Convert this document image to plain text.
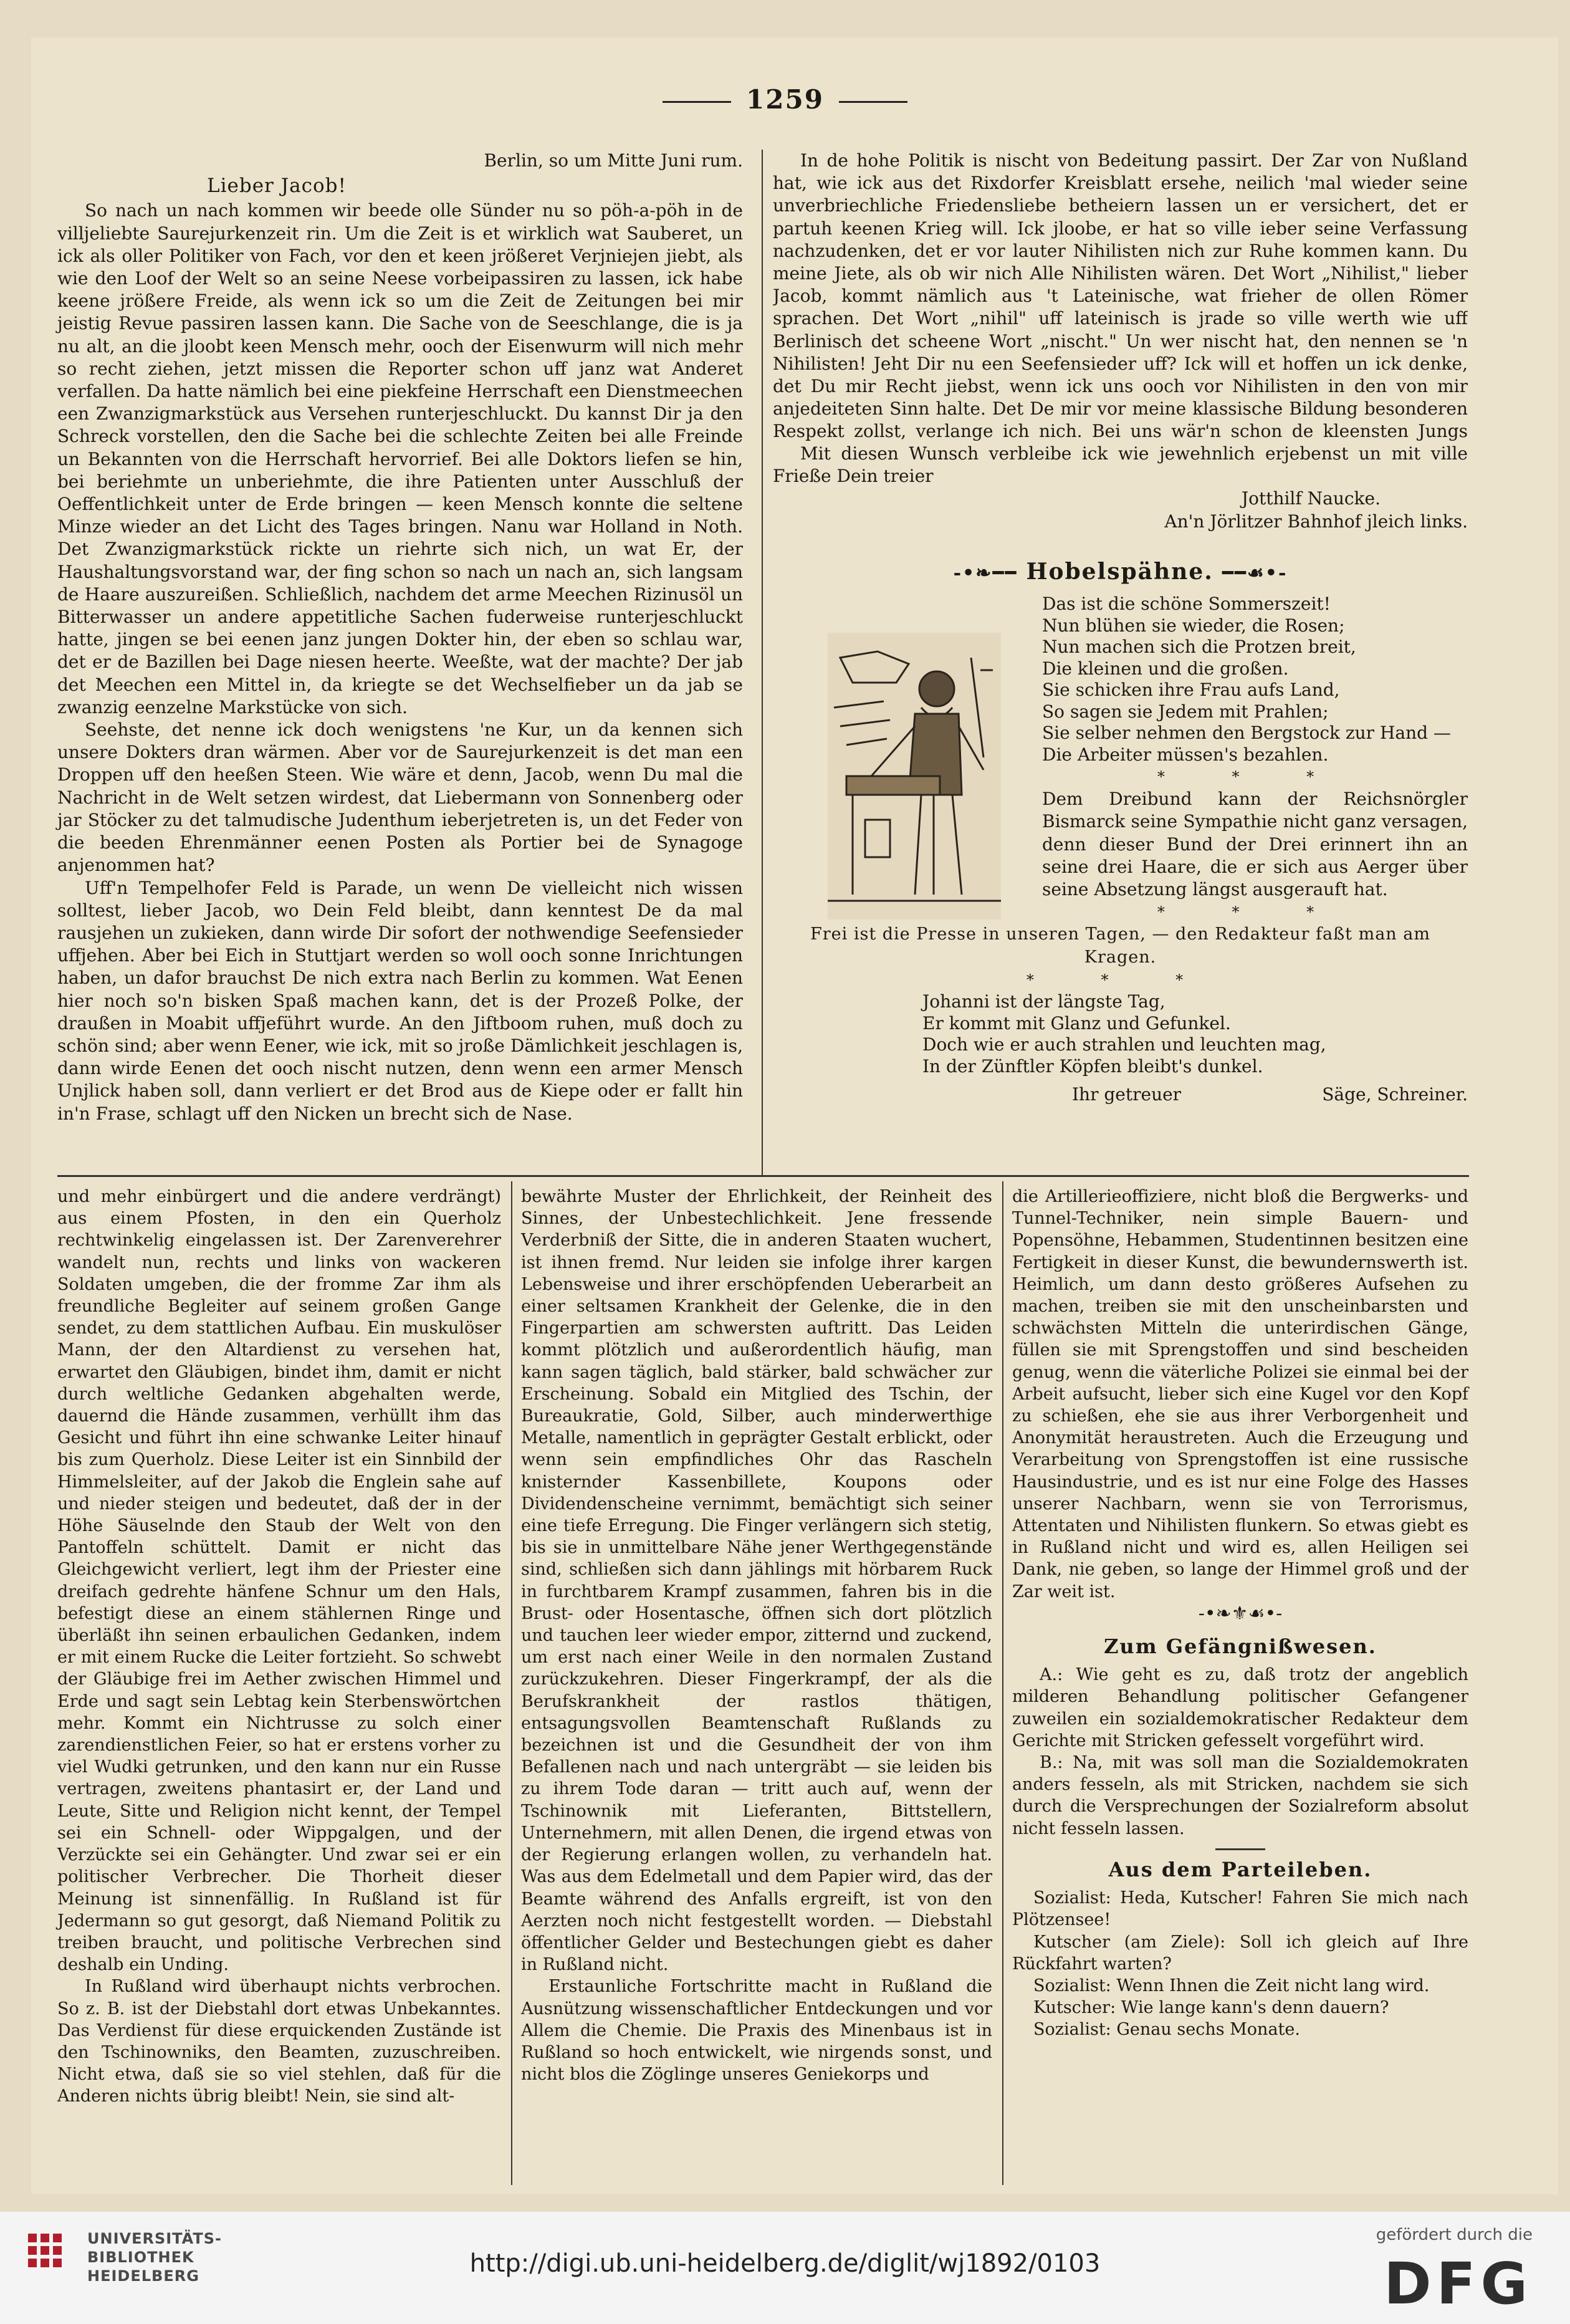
1259

Berlin, so um Mitte Juni rum.

Lieber Jacob!

So nach un nach kommen wir beede olle Sünder nu so pöh-a-pöh in de villjeliebte Saurejurkenzeit rin. Um die Zeit is et wirklich wat Sauberet, un ick als oller Politiker von Fach, vor den et keen jrößeret Verjniejen jiebt, als wie den Loof der Welt so an seine Neese vorbeipassiren zu lassen, ick habe keene jrößere Freide, als wenn ick so um die Zeit de Zeitungen bei mir jeistig Revue passiren lassen kann. Die Sache von de Seeschlange, die is ja nu alt, an die jloobt keen Mensch mehr, ooch der Eisenwurm will nich mehr so recht ziehen, jetzt missen die Reporter schon uff janz wat Anderet verfallen. Da hatte nämlich bei eine piekfeine Herrschaft een Dienstmeechen een Zwanzigmarkstück aus Versehen runterjeschluckt. Du kannst Dir ja den Schreck vorstellen, den die Sache bei die schlechte Zeiten bei alle Freinde un Bekannten von die Herrschaft hervorrief. Bei alle Doktors liefen se hin, bei beriehmte un unberiehmte, die ihre Patienten unter Ausschluß der Oeffentlichkeit unter de Erde bringen — keen Mensch konnte die seltene Minze wieder an det Licht des Tages bringen. Nanu war Holland in Noth. Det Zwanzigmarkstück rickte un riehrte sich nich, un wat Er, der Haushaltungsvorstand war, der fing schon so nach un nach an, sich langsam de Haare auszureißen. Schließlich, nachdem det arme Meechen Rizinusöl un Bitterwasser un andere appetitliche Sachen fuderweise runterjeschluckt hatte, jingen se bei eenen janz jungen Dokter hin, der eben so schlau war, det er de Bazillen bei Dage niesen heerte. Weeßte, wat der machte? Der jab det Meechen een Mittel in, da kriegte se det Wechselfieber un da jab se zwanzig eenzelne Markstücke von sich.

Seehste, det nenne ick doch wenigstens 'ne Kur, un da kennen sich unsere Dokters dran wärmen. Aber vor de Saurejurkenzeit is det man een Droppen uff den heeßen Steen. Wie wäre et denn, Jacob, wenn Du mal die Nachricht in de Welt setzen wirdest, dat Liebermann von Sonnenberg oder jar Stöcker zu det talmudische Judenthum ieberjetreten is, un det Feder von die beeden Ehrenmänner eenen Posten als Portier bei de Synagoge anjenommen hat?

Uff'n Tempelhofer Feld is Parade, un wenn De vielleicht nich wissen solltest, lieber Jacob, wo Dein Feld bleibt, dann kenntest De da mal rausjehen un zukieken, dann wirde Dir sofort der nothwendige Seefensieder uffjehen. Aber bei Eich in Stuttjart werden so woll ooch sonne Inrichtungen haben, un dafor brauchst De nich extra nach Berlin zu kommen. Wat Eenen hier noch so'n bisken Spaß machen kann, det is der Prozeß Polke, der draußen in Moabit uffjeführt wurde. An den Jiftboom ruhen, muß doch zu schön sind; aber wenn Eener, wie ick, mit so jroße Dämlichkeit jeschlagen is, dann wirde Eenen det ooch nischt nutzen, denn wenn een armer Mensch Unjlick haben soll, dann verliert er det Brod aus de Kiepe oder er fallt hin in'n Frase, schlagt uff den Nicken un brecht sich de Nase.

In de hohe Politik is nischt von Bedeitung passirt. Der Zar von Nußland hat, wie ick aus det Rixdorfer Kreisblatt ersehe, neilich 'mal wieder seine unverbriechliche Friedensliebe betheiern lassen un er versichert, det er partuh keenen Krieg will. Ick jloobe, er hat so ville ieber seine Verfassung nachzudenken, det er vor lauter Nihilisten nich zur Ruhe kommen kann. Du meine Jiete, als ob wir nich Alle Nihilisten wären. Det Wort „Nihilist," lieber Jacob, kommt nämlich aus 't Lateinische, wat frieher de ollen Römer sprachen. Det Wort „nihil" uff lateinisch is jrade so ville werth wie uff Berlinisch det scheene Wort „nischt." Un wer nischt hat, den nennen se 'n Nihilisten! Jeht Dir nu een Seefensieder uff? Ick will et hoffen un ick denke, det Du mir Recht jiebst, wenn ick uns ooch vor Nihilisten in den von mir anjedeiteten Sinn halte. Det De mir vor meine klassische Bildung besonderen Respekt zollst, verlange ich nich. Bei uns wär'n schon de kleensten Jungs

Mit diesen Wunsch verbleibe ick wie jewehnlich erjebenst un mit ville Frieße Dein treier

Jotthilf Naucke.

An'n Jörlitzer Bahnhof jleich links.

-•❧━━ Hobelspähne. ━━☙•-
Das ist die schöne Sommerszeit!
Nun blühen sie wieder, die Rosen;
Nun machen sich die Protzen breit,
Die kleinen und die großen.
Sie schicken ihre Frau aufs Land,
So sagen sie Jedem mit Prahlen;
Sie selber nehmen den Bergstock zur Hand —
Die Arbeiter müssen's bezahlen.
* * *

Dem Dreibund kann der Reichsnörgler Bismarck seine Sympathie nicht ganz versagen, denn dieser Bund der Drei erinnert ihn an seine drei Haare, die er sich aus Aerger über seine Absetzung längst ausgerauft hat.

* * *

Frei ist die Presse in unseren Tagen, — den Redakteur faßt man am Kragen.

* * *
Johanni ist der längste Tag,
Er kommt mit Glanz und Gefunkel.
Doch wie er auch strahlen und leuchten mag,
In der Zünftler Köpfen bleibt's dunkel.
Ihr getreuer	Säge, Schreiner.

und mehr einbürgert und die andere verdrängt) aus einem Pfosten, in den ein Querholz rechtwinkelig eingelassen ist. Der Zarenverehrer wandelt nun, rechts und links von wackeren Soldaten umgeben, die der fromme Zar ihm als freundliche Begleiter auf seinem großen Gange sendet, zu dem stattlichen Aufbau. Ein muskulöser Mann, der den Altardienst zu versehen hat, erwartet den Gläubigen, bindet ihm, damit er nicht durch weltliche Gedanken abgehalten werde, dauernd die Hände zusammen, verhüllt ihm das Gesicht und führt ihn eine schwanke Leiter hinauf bis zum Querholz. Diese Leiter ist ein Sinnbild der Himmelsleiter, auf der Jakob die Englein sahe auf und nieder steigen und bedeutet, daß der in der Höhe Säuselnde den Staub der Welt von den Pantoffeln schüttelt. Damit er nicht das Gleichgewicht verliert, legt ihm der Priester eine dreifach gedrehte hänfene Schnur um den Hals, befestigt diese an einem stählernen Ringe und überläßt ihn seinen erbaulichen Gedanken, indem er mit einem Rucke die Leiter fortzieht. So schwebt der Gläubige frei im Aether zwischen Himmel und Erde und sagt sein Lebtag kein Sterbenswörtchen mehr. Kommt ein Nichtrusse zu solch einer zarendienstlichen Feier, so hat er erstens vorher zu viel Wudki getrunken, und den kann nur ein Russe vertragen, zweitens phantasirt er, der Land und Leute, Sitte und Religion nicht kennt, der Tempel sei ein Schnell- oder Wippgalgen, und der Verzückte sei ein Gehängter. Und zwar sei er ein politischer Verbrecher. Die Thorheit dieser Meinung ist sinnenfällig. In Rußland ist für Jedermann so gut gesorgt, daß Niemand Politik zu treiben braucht, und politische Verbrechen sind deshalb ein Unding.

In Rußland wird überhaupt nichts verbrochen. So z. B. ist der Diebstahl dort etwas Unbekanntes. Das Verdienst für diese erquickenden Zustände ist den Tschinowniks, den Beamten, zuzuschreiben. Nicht etwa, daß sie so viel stehlen, daß für die Anderen nichts übrig bleibt! Nein, sie sind alt-

bewährte Muster der Ehrlichkeit, der Reinheit des Sinnes, der Unbestechlichkeit. Jene fressende Verderbniß der Sitte, die in anderen Staaten wuchert, ist ihnen fremd. Nur leiden sie infolge ihrer kargen Lebensweise und ihrer erschöpfenden Ueberarbeit an einer seltsamen Krankheit der Gelenke, die in den Fingerpartien am schwersten auftritt. Das Leiden kommt plötzlich und außerordentlich häufig, man kann sagen täglich, bald stärker, bald schwächer zur Erscheinung. Sobald ein Mitglied des Tschin, der Bureaukratie, Gold, Silber, auch minderwerthige Metalle, namentlich in geprägter Gestalt erblickt, oder wenn sein empfindliches Ohr das Rascheln knisternder Kassenbillete, Koupons oder Dividendenscheine vernimmt, bemächtigt sich seiner eine tiefe Erregung. Die Finger verlängern sich stetig, bis sie in unmittelbare Nähe jener Werthgegenstände sind, schließen sich dann jählings mit hörbarem Ruck in furchtbarem Krampf zusammen, fahren bis in die Brust- oder Hosentasche, öffnen sich dort plötzlich und tauchen leer wieder empor, zitternd und zuckend, um erst nach einer Weile in den normalen Zustand zurückzukehren. Dieser Fingerkrampf, der als die Berufskrankheit der rastlos thätigen, entsagungsvollen Beamtenschaft Rußlands zu bezeichnen ist und die Gesundheit der von ihm Befallenen nach und nach untergräbt — sie leiden bis zu ihrem Tode daran — tritt auch auf, wenn der Tschinownik mit Lieferanten, Bittstellern, Unternehmern, mit allen Denen, die irgend etwas von der Regierung erlangen wollen, zu verhandeln hat. Was aus dem Edelmetall und dem Papier wird, das der Beamte während des Anfalls ergreift, ist von den Aerzten noch nicht festgestellt worden. — Diebstahl öffentlicher Gelder und Bestechungen giebt es daher in Rußland nicht.

Erstaunliche Fortschritte macht in Rußland die Ausnützung wissenschaftlicher Entdeckungen und vor Allem die Chemie. Die Praxis des Minenbaus ist in Rußland so hoch entwickelt, wie nirgends sonst, und nicht blos die Zöglinge unseres Geniekorps und

die Artillerieoffiziere, nicht bloß die Bergwerks- und Tunnel-Techniker, nein simple Bauern- und Popensöhne, Hebammen, Studentinnen besitzen eine Fertigkeit in dieser Kunst, die bewundernswerth ist. Heimlich, um dann desto größeres Aufsehen zu machen, treiben sie mit den unscheinbarsten und schwächsten Mitteln die unterirdischen Gänge, füllen sie mit Sprengstoffen und sind bescheiden genug, wenn die väterliche Polizei sie einmal bei der Arbeit aufsucht, lieber sich eine Kugel vor den Kopf zu schießen, ehe sie aus ihrer Verborgenheit und Anonymität heraustreten. Auch die Erzeugung und Verarbeitung von Sprengstoffen ist eine russische Hausindustrie, und es ist nur eine Folge des Hasses unserer Nachbarn, wenn sie von Terrorismus, Attentaten und Nihilisten flunkern. So etwas giebt es in Rußland nicht und wird es, allen Heiligen sei Dank, nie geben, so lange der Himmel groß und der Zar weit ist.

-•❧⚜☙•-
Zum Gefängnißwesen.

A.: Wie geht es zu, daß trotz der angeblich milderen Behandlung politischer Gefangener zuweilen ein sozialdemokratischer Redakteur dem Gerichte mit Stricken gefesselt vorgeführt wird.

B.: Na, mit was soll man die Sozialdemokraten anders fesseln, als mit Stricken, nachdem sie sich durch die Versprechungen der Sozialreform absolut nicht fesseln lassen.

Aus dem Parteileben.

Sozialist: Heda, Kutscher! Fahren Sie mich nach Plötzensee!

Kutscher (am Ziele): Soll ich gleich auf Ihre Rückfahrt warten?

Sozialist: Wenn Ihnen die Zeit nicht lang wird.

Kutscher: Wie lange kann's denn dauern?

Sozialist: Genau sechs Monate.

UNIVERSITÄTS-
BIBLIOTHEK
HEIDELBERG	http://digi.ub.uni-heidelberg.de/diglit/wj1892/0103
gefördert durch die
DFG
